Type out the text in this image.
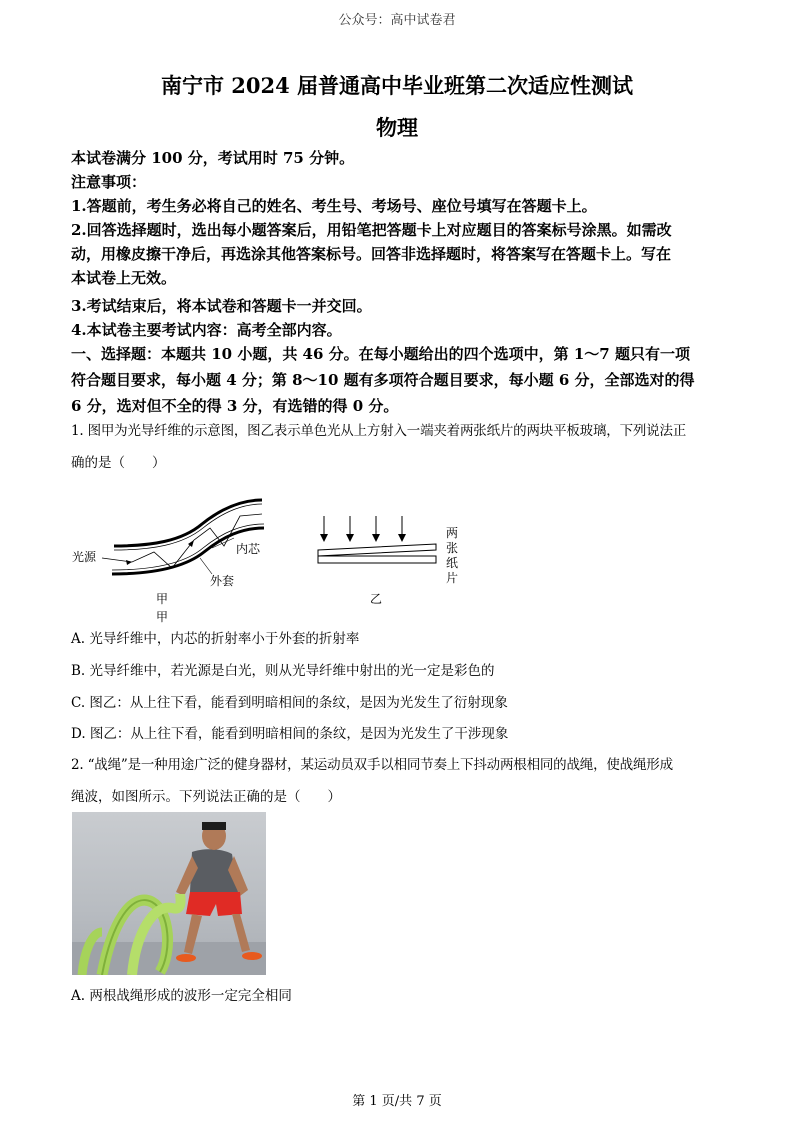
公众号：高中试卷君
南宁市 2024 届普通高中毕业班第二次适应性测试
物理
本试卷满分 100 分，考试用时 75 分钟。
注意事项：
1.答题前，考生务必将自己的姓名、考生号、考场号、座位号填写在答题卡上。
2.回答选择题时，选出每小题答案后，用铅笔把答题卡上对应题目的答案标号涂黑。如需改
动，用橡皮擦干净后，再选涂其他答案标号。回答非选择题时，将答案写在答题卡上。写在
本试卷上无效。
3.考试结束后，将本试卷和答题卡一并交回。
4.本试卷主要考试内容：高考全部内容。
一、选择题：本题共 10 小题，共 46 分。在每小题给出的四个选项中，第 1～7 题只有一项
符合题目要求，每小题 4 分；第 8～10 题有多项符合题目要求，每小题 6 分，全部选对的得
6 分，选对但不全的得 3 分，有选错的得 0 分。
1. 图甲为光导纤维的示意图，图乙表示单色光从上方射入一端夹着两张纸片的两块平板玻璃，下列说法正
确的是（　　）
光源
内芯
外套
甲
甲
乙
两
张
纸
片
A. 光导纤维中，内芯的折射率小于外套的折射率
B. 光导纤维中，若光源是白光，则从光导纤维中射出的光一定是彩色的
C. 图乙：从上往下看，能看到明暗相间的条纹，是因为光发生了衍射现象
D. 图乙：从上往下看，能看到明暗相间的条纹，是因为光发生了干涉现象
2. “战绳”是一种用途广泛的健身器材，某运动员双手以相同节奏上下抖动两根相同的战绳，使战绳形成
绳波，如图所示。下列说法正确的是（　　）
A. 两根战绳形成的波形一定完全相同
第 1 页/共 7 页
